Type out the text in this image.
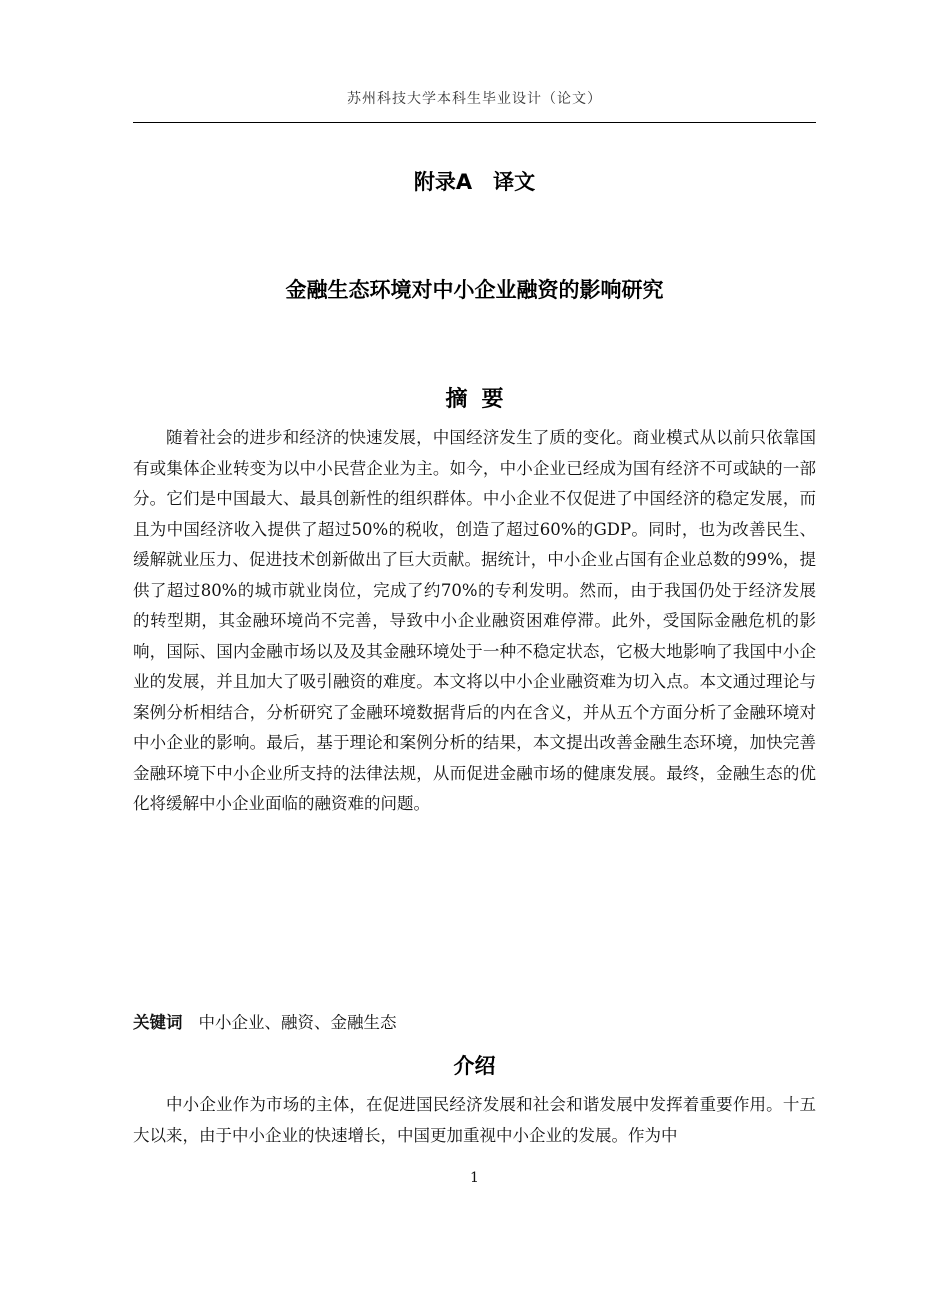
苏州科技大学本科生毕业设计（论文）
附录A　译文
金融生态环境对中小企业融资的影响研究
摘要

随着社会的进步和经济的快速发展，中国经济发生了质的变化。商业模式从以前只依靠国有或集体企业转变为以中小民营企业为主。如今，中小企业已经成为国有经济不可或缺的一部分。它们是中国最大、最具创新性的组织群体。中小企业不仅促进了中国经济的稳定发展，而且为中国经济收入提供了超过50%的税收，创造了超过60%的GDP。同时，也为改善民生、缓解就业压力、促进技术创新做出了巨大贡献。据统计，中小企业占国有企业总数的99%，提供了超过80%的城市就业岗位，完成了约70%的专利发明。然而，由于我国仍处于经济发展的转型期，其金融环境尚不完善，导致中小企业融资困难停滞。此外，受国际金融危机的影响，国际、国内金融市场以及及其金融环境处于一种不稳定状态，它极大地影响了我国中小企业的发展，并且加大了吸引融资的难度。本文将以中小企业融资难为切入点。本文通过理论与案例分析相结合，分析研究了金融环境数据背后的内在含义，并从五个方面分析了金融环境对中小企业的影响。最后，基于理论和案例分析的结果，本文提出改善金融生态环境，加快完善金融环境下中小企业所支持的法律法规，从而促进金融市场的健康发展。最终，金融生态的优化将缓解中小企业面临的融资难的问题。

关键词 中小企业、融资、金融生态
介绍

中小企业作为市场的主体，在促进国民经济发展和社会和谐发展中发挥着重要作用。十五大以来，由于中小企业的快速增长，中国更加重视中小企业的发展。作为中

1
